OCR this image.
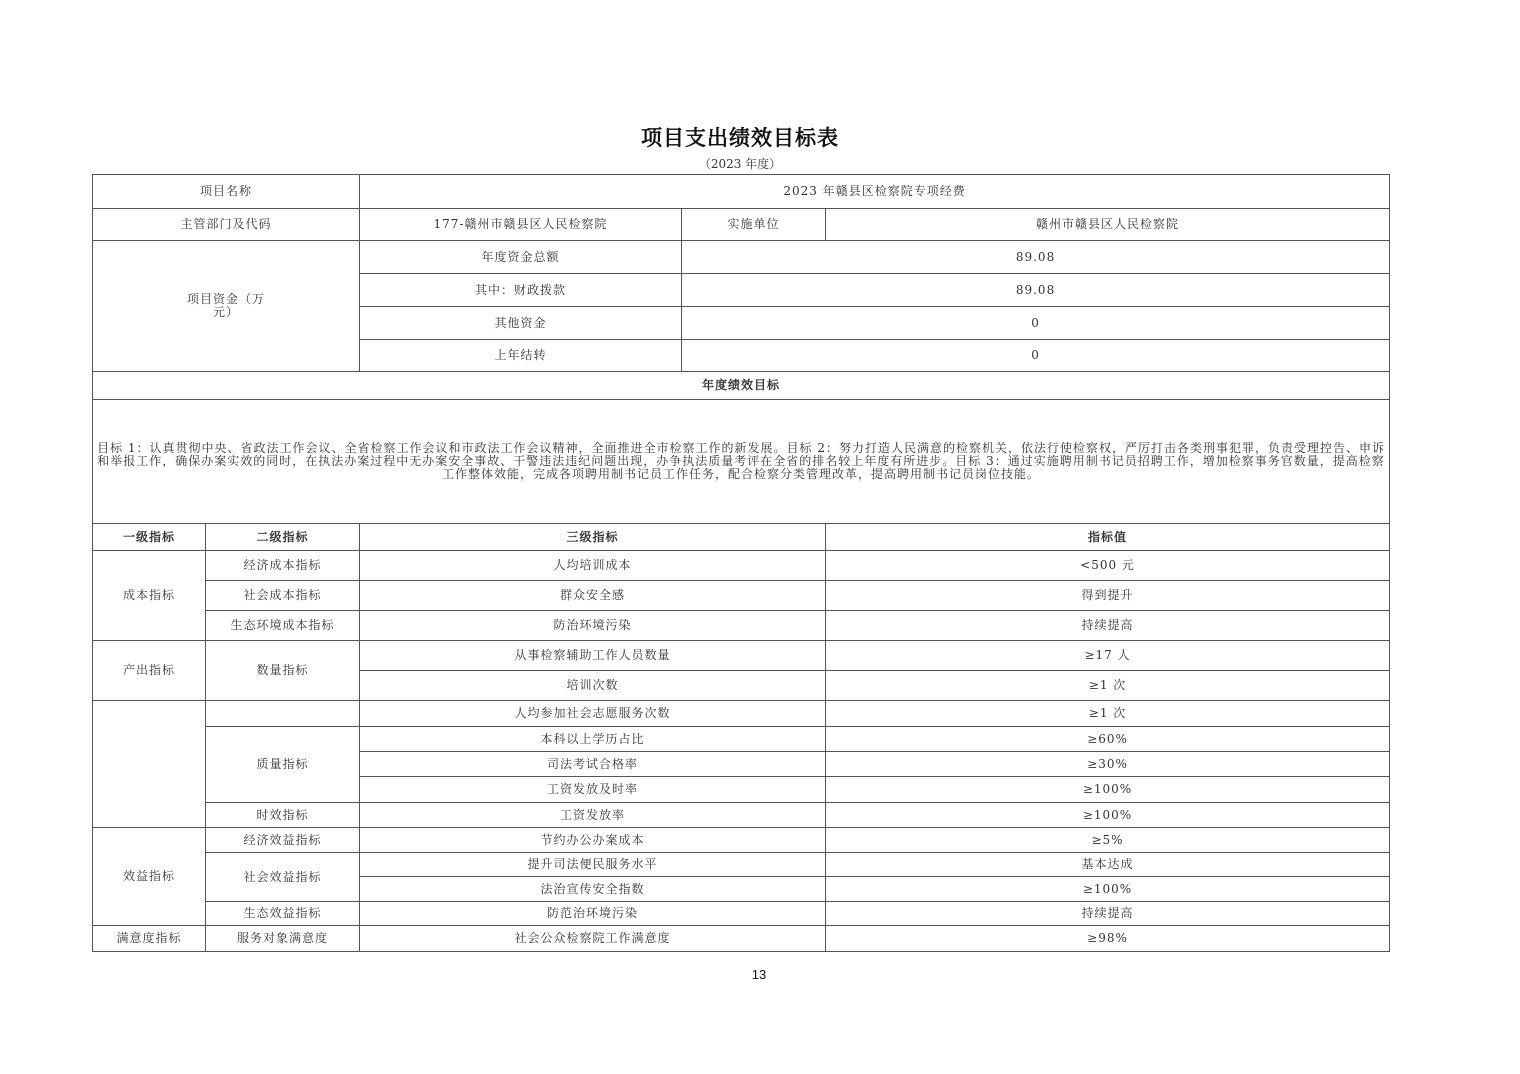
项目支出绩效目标表
（2023 年度）
项目名称		2023 年赣县区检察院专项经费		
主管部门及代码		177-赣州市赣县区人民检察院	实施单位	赣州市赣县区人民检察院
项目资金（万元）		年度资金总额	89.08	
		其中：财政拨款	89.08	
		其他资金	0	
		上年结转	0	
年度绩效目标				

目标 1：认真贯彻中央、省政法工作会议、全省检察工作会议和市政法工作会议精神，全面推进全市检察工作的新发展。目标 2：努力打造人民满意的检察机关，依法行使检察权，严厉打击各类刑事犯罪，负责受理控告、申诉和举报工作，确保办案实效的同时，在执法办案过程中无办案安全事故、干警违法违纪问题出现，办争执法质量考评在全省的排名较上年度有所进步。目标 3：通过实施聘用制书记员招聘工作，增加检察事务官数量，提高检察工作整体效能，完成各项聘用制书记员工作任务，配合检察分类管理改革，提高聘用制书记员岗位技能。				

一级指标	二级指标	三级指标		指标值
成本指标	经济成本指标	人均培训成本		<500 元
	社会成本指标	群众安全感		得到提升
	生态环境成本指标	防治环境污染		持续提高
产出指标	数量指标	从事检察辅助工作人员数量		≥17 人
		培训次数		≥1 次
		人均参加社会志愿服务次数		≥1 次
	质量指标	本科以上学历占比		≥60%
		司法考试合格率		≥30%
		工资发放及时率		≥100%
	时效指标	工资发放率		≥100%
效益指标	经济效益指标	节约办公办案成本		≥5%
	社会效益指标	提升司法便民服务水平		基本达成
		法治宣传安全指数		≥100%
	生态效益指标	防范治环境污染		持续提高
满意度指标	服务对象满意度	社会公众检察院工作满意度		≥98%
13
